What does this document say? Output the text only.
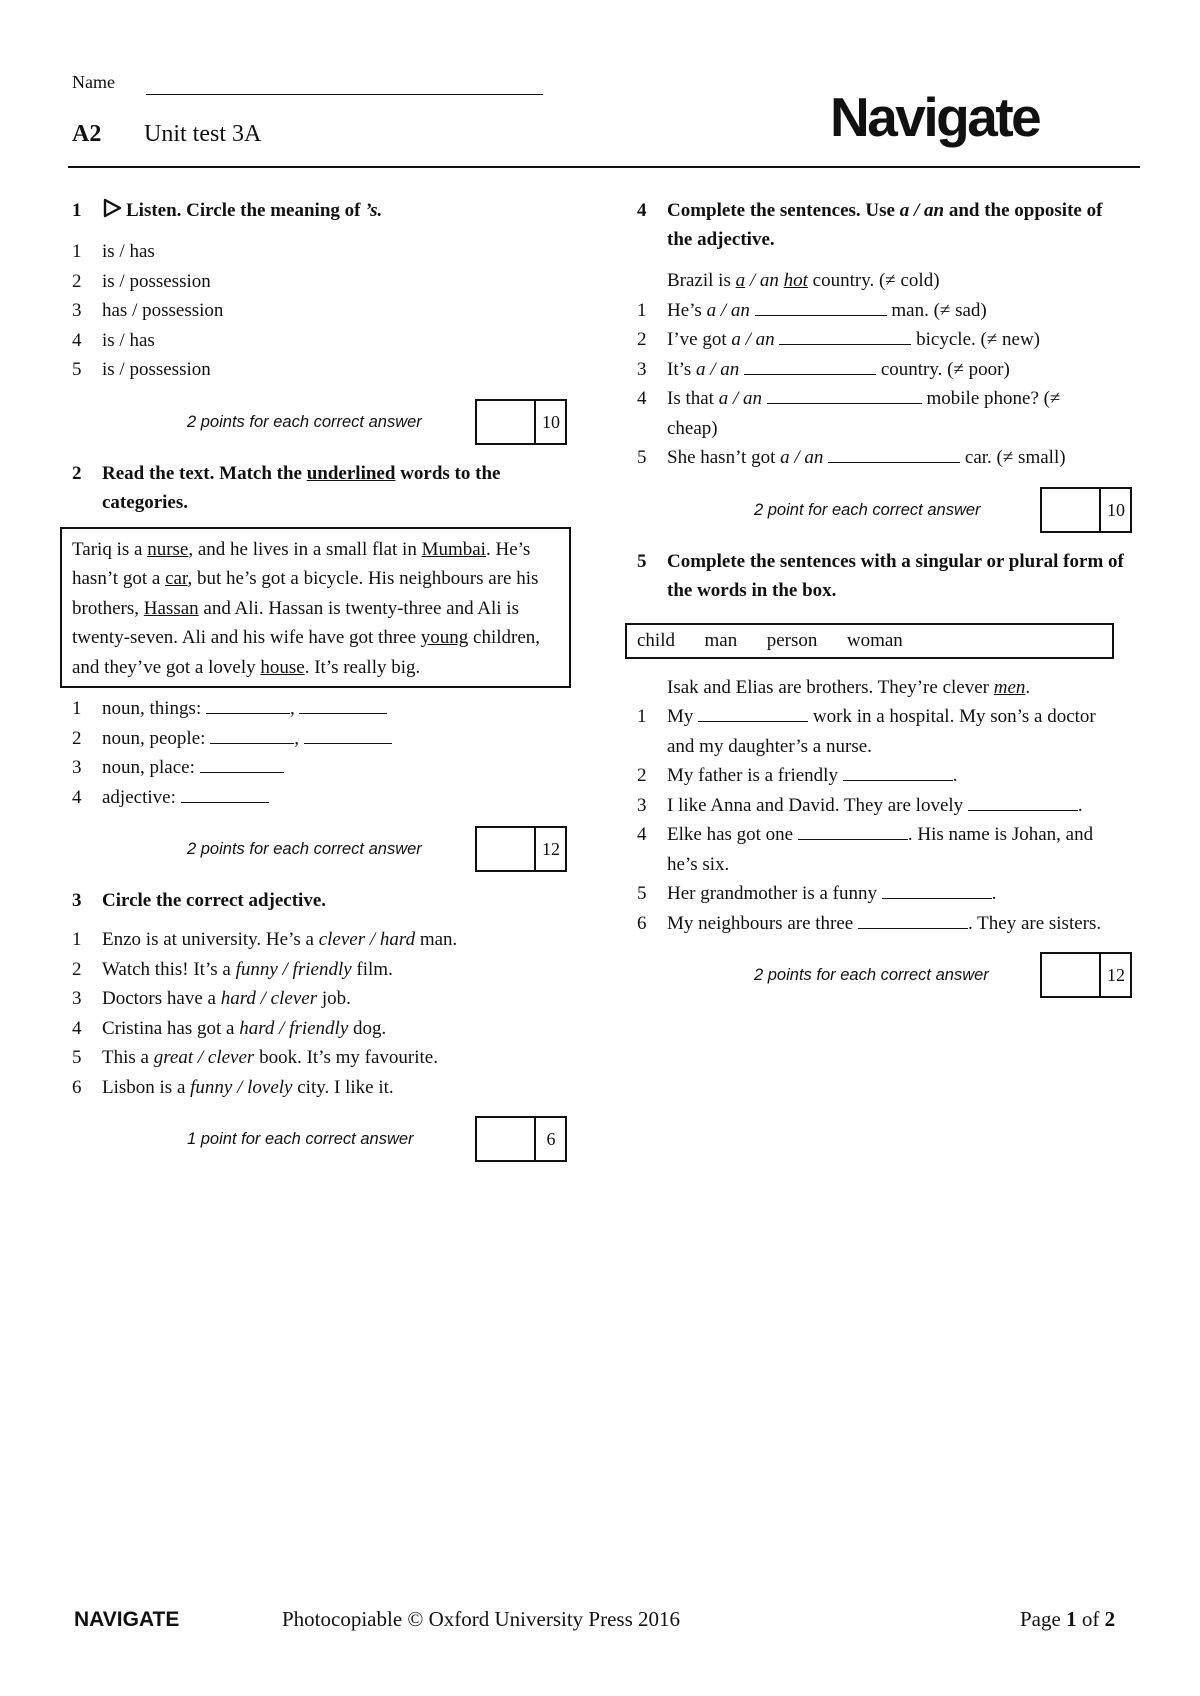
Name
A2 Unit test 3A	Navigate
1 Listen. Circle the meaning of ’s.
1 is / has
2 is / possession
3 has / possession
4 is / has
5 is / possession
2 points for each correct answer	10
2 Read the text. Match the underlined words to the categories.
Tariq is a nurse, and he lives in a small flat in Mumbai. He’s hasn’t got a car, but he’s got a bicycle. His neighbours are his brothers, Hassan and Ali. Hassan is twenty-three and Ali is twenty-seven. Ali and his wife have got three young children, and they’ve got a lovely house. It’s really big.
1 noun, things:	,
2 noun, people:	,
3 noun, place:
4 adjective:
2 points for each correct answer	12
3 Circle the correct adjective.
1 Enzo is at university. He’s a clever / hard man.
2 Watch this! It’s a funny / friendly film.
3 Doctors have a hard / clever job.
4 Cristina has got a hard / friendly dog.
5 This a great / clever book. It’s my favourite.
6 Lisbon is a funny / lovely city. I like it.
1 point for each correct answer	6
4 Complete the sentences. Use a / an and the opposite of the adjective.
Brazil is a / an hot country. (≠ cold)
1 He’s a / an	man. (≠ sad)
2 I’ve got a / an	bicycle. (≠ new)
3 It’s a / an	country. (≠ poor)
4 Is that a / an	mobile phone? (≠ cheap)
5 She hasn’t got a / an	car. (≠ small)
2 point for each correct answer	10
5 Complete the sentences with a singular or plural form of the words in the box.
child  man  person  woman
Isak and Elias are brothers. They’re clever men.
1 My	work in a hospital. My son’s a doctor and my daughter’s a nurse.
2 My father is a friendly	.
3 I like Anna and David. They are lovely	.
4 Elke has got one	. His name is Johan, and he’s six.
5 Her grandmother is a funny	.
6 My neighbours are three	. They are sisters.
2 points for each correct answer	12
NAVIGATE	Photocopiable © Oxford University Press 2016	Page 1 of 2
